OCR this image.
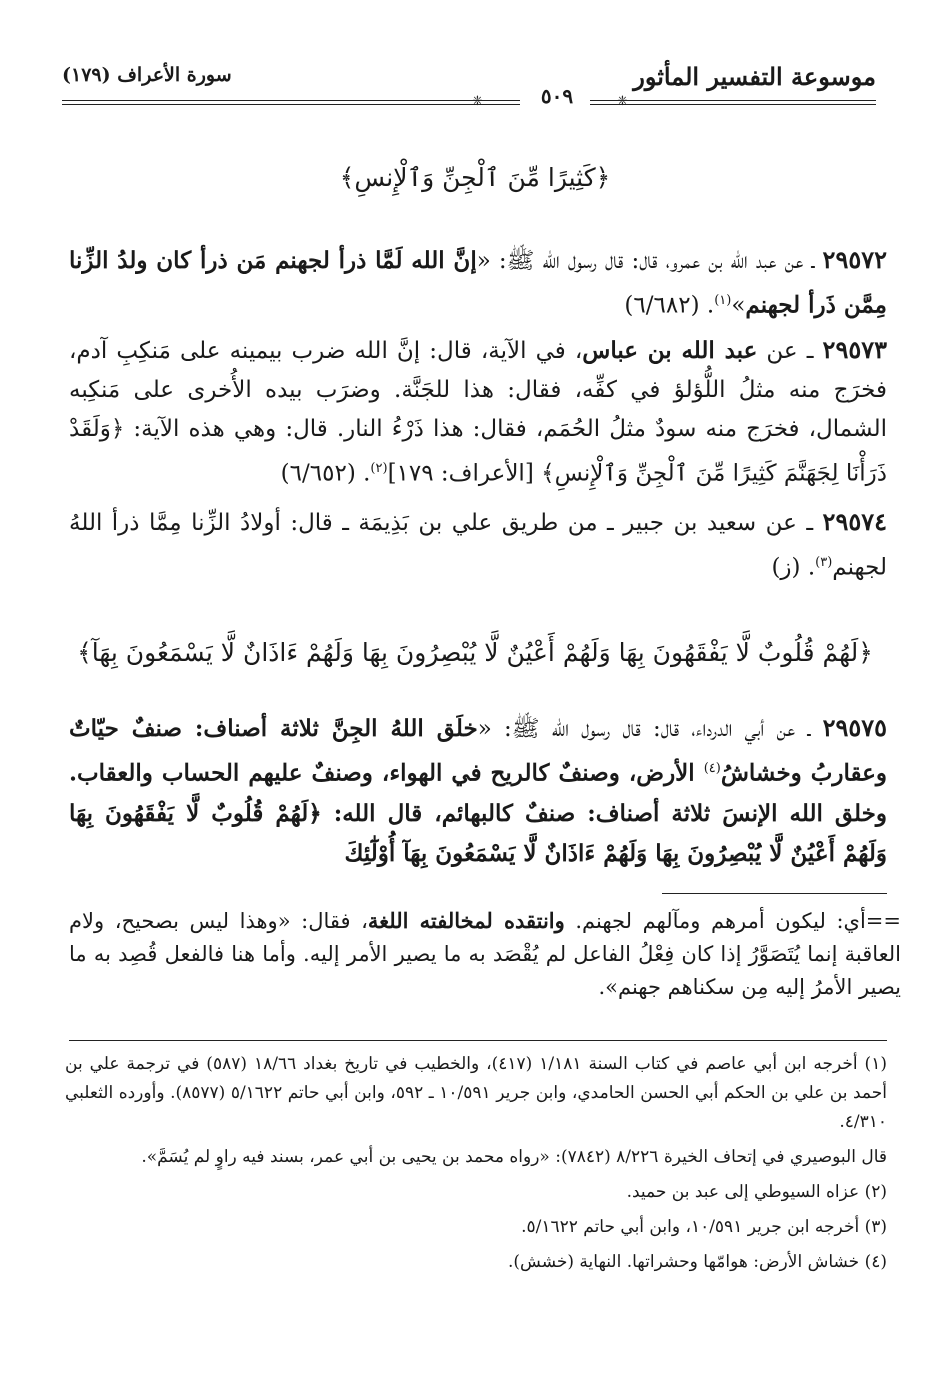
موسوعة التفسير المأثور
سورة الأعراف (١٧٩)
❈
❈	٥٠٩
﴿كَثِيرًا مِّنَ ٱلْجِنِّ وَٱلْإِنسِ﴾
٢٩٥٧٢ ـ عن عبد الله بن عمرو، قال: قال رسول الله ﷺ: «إنَّ الله لَمَّا ذرأ لجهنم مَن ذرأ كان ولدُ الزِّنا مِمَّن ذَرأ لجهنم»$^{(١)}$. (٦/٦٨٢)
٢٩٥٧٣ ـ عن عبد الله بن عباس، في الآية، قال: إنَّ الله ضرب بيمينه على مَنكِبِ آدم، فخرَج منه مثلُ اللُّؤلؤ في كفِّه، فقال: هذا للجَنَّة. وضرَب بيده الأُخرى على مَنكِبه الشمال، فخرَج منه سودٌ مثلُ الحُمَم، فقال: هذا ذَرْءُ النار. قال: وهي هذه الآية: ﴿وَلَقَدْ ذَرَأْنَا لِجَهَنَّمَ كَثِيرًا مِّنَ ٱلْجِنِّ وَٱلْإِنسِ﴾ [الأعراف: ١٧٩]$^{(٢)}$. (٦/٦٥٢)
٢٩٥٧٤ ـ عن سعيد بن جبير ـ من طريق علي بن بَذِيمَة ـ قال: أولادُ الزِّنا مِمَّا ذرأ اللهُ لجهنم$^{(٣)}$. (ز)
﴿لَهُمْ قُلُوبٌ لَّا يَفْقَهُونَ بِهَا وَلَهُمْ أَعْيُنٌ لَّا يُبْصِرُونَ بِهَا وَلَهُمْ ءَاذَانٌ لَّا يَسْمَعُونَ بِهَآ﴾
٢٩٥٧٥ ـ عن أبي الدرداء، قال: قال رسول الله ﷺ: «خلَق اللهُ الجِنَّ ثلاثة أصناف: صنفٌ حيّاتٌ وعقاربُ وخشاشُ$^{(٤)}$ الأرض، وصنفٌ كالريح في الهواء، وصنفٌ عليهم الحساب والعقاب. وخلق الله الإنسَ ثلاثة أصناف: صنفٌ كالبهائم، قال الله: ﴿لَهُمْ قُلُوبٌ لَّا يَفْقَهُونَ بِهَا وَلَهُمْ أَعْيُنٌ لَّا يُبْصِرُونَ بِهَا وَلَهُمْ ءَاذَانٌ لَّا يَسْمَعُونَ بِهَآ أُوْلَٰٓئِكَ
==أي: ليكون أمرهم ومآلهم لجهنم. وانتقده لمخالفته اللغة، فقال: «وهذا ليس بصحيح، ولام العاقبة إنما يُتَصَوَّرُ إذا كان فِعْلُ الفاعل لم يُقْصَد به ما يصير الأمر إليه. وأما هنا فالفعل قُصِد به ما يصير الأمرُ إليه مِن سكناهم جهنم».

(١) أخرجه ابن أبي عاصم في كتاب السنة ١/١٨١ (٤١٧)، والخطيب في تاريخ بغداد ١٨/٦٦ (٥٨٧) في ترجمة علي بن أحمد بن علي بن الحكم أبي الحسن الحامدي، وابن جرير ١٠/٥٩١ ـ ٥٩٢، وابن أبي حاتم ٥/١٦٢٢ (٨٥٧٧). وأورده الثعلبي ٤/٣١٠.

قال البوصيري في إتحاف الخيرة ٨/٢٢٦ (٧٨٤٢): «رواه محمد بن يحيى بن أبي عمر، بسند فيه راوٍ لم يُسَمَّ».

(٢) عزاه السيوطي إلى عبد بن حميد.

(٣) أخرجه ابن جرير ١٠/٥٩١، وابن أبي حاتم ٥/١٦٢٢.

(٤) خشاش الأرض: هوامّها وحشراتها. النهاية (خشش).
